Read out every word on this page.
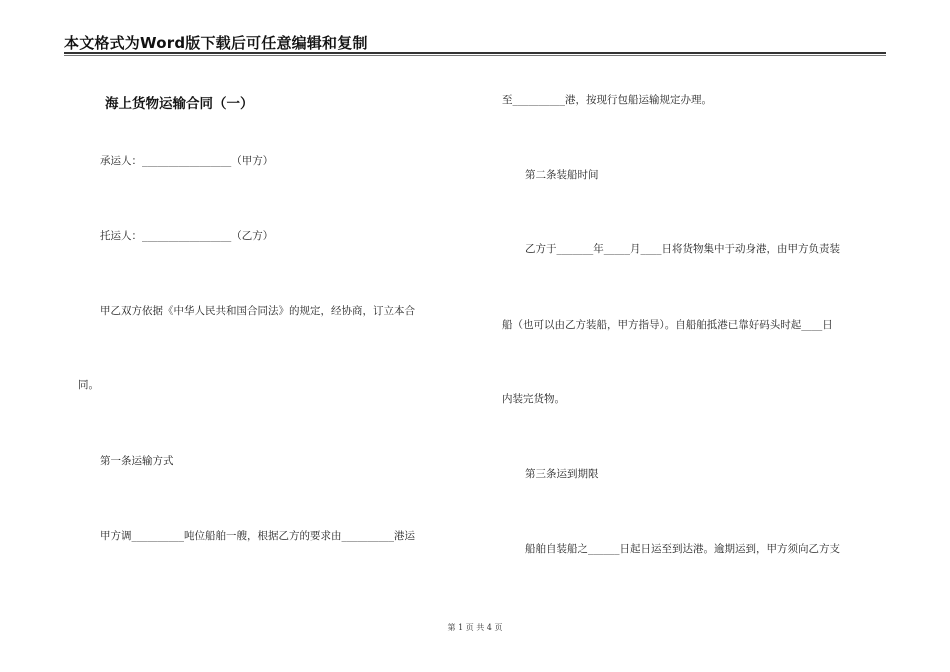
本文格式为Word版下载后可任意编辑和复制
海上货物运输合同（一）
承运人：_________________（甲方）
托运人：_________________（乙方）
甲乙双方依据《中华人民共和国合同法》的规定，经协商，订立本合
同。
第一条运输方式
甲方调__________吨位船舶一艘，根据乙方的要求由__________港运
至__________港，按现行包船运输规定办理。
第二条装船时间
乙方于_______年_____月____日将货物集中于动身港，由甲方负责装
船（也可以由乙方装船，甲方指导）。自船舶抵港已靠好码头时起____日
内装完货物。
第三条运到期限
船舶自装船之______日起日运至到达港。逾期运到，甲方须向乙方支
第 1 页 共 4 页
